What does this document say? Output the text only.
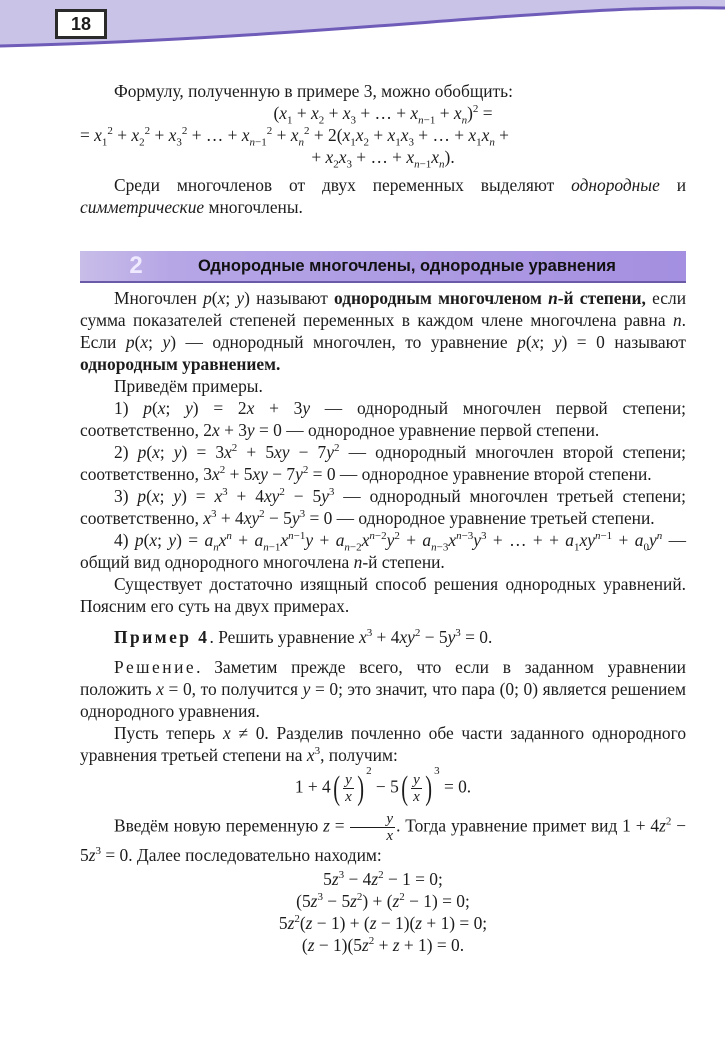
18

Формулу, полученную в примере 3, можно обобщить:

($x_1 + x_2 + x_3$ + … + $x_{n-1} + x_n)^2$ =

= $x_1^2 + x_2^2 + x_3^2$ + … + $x_{n-1}^2 + x_n^2 + 2(x_1x_2 + x_1x_3$ + … + $x_1x_n$ +

+ $x_2x_3$ + … + $x_{n-1}x_n$).

Среди многочленов от двух переменных выделяют однородные и симметрические многочлены.

2	Однородные многочлены, однородные уравнения

Многочлен p(x; y) называют однородным многочленом n-й степени, если сумма показателей степеней переменных в каждом члене многочлена равна n. Если p(x; y) — однородный многочлен, то уравнение p(x; y) = 0 называют однородным уравнением.

Приведём примеры.

1) p(x; y) = 2x + 3y — однородный многочлен первой степени; соответственно, 2x + 3y = 0 — однородное уравнение первой степени.

2) p(x; $y) = 3x^2 + 5xy - 7y^2$ — однородный многочлен второй степени; соответственно, $3x^2 + 5xy - 7y^2 = 0$ — однородное уравнение второй степени.

3) p(x; $y) = x^3 + 4xy^2 - 5y^3$ — однородный многочлен третьей степени; соответственно, $x^3 + 4xy^2 - 5y^3 = 0$ — однородное уравнение третьей степени.

4) p(x; $y) = a_nx^n + a_{n-1}x^{n-1}y + a_{n-2}x^{n-2}y^2 + a_{n-3}x^{n-3}y^3$ + … + + $a_1xy^{n-1} + a_0y^n$ — общий вид однородного многочлена n-й степени.

Существует достаточно изящный способ решения однородных уравнений. Поясним его суть на двух примерах.

Пример 4. Решить уравнение $x^3 + 4xy^2 - 5y^3 = 0$.

Решение. Заметим прежде всего, что если в заданном уравнении положить x = 0, то получится y = 0; это значит, что пара (0; 0) является решением однородного уравнения.

Пусть теперь x ≠ 0. Разделив почленно обе части заданного однородного уравнения третьей степени на $x^3$, получим:

$1 + 4( \frac{y}{x}$ ) $^2 - 5( \frac{y}{x}$ ) $^3$ = 0.

Введём новую переменную $z = \frac{y}{x}$ . Тогда уравнение примет вид $1 + 4z^2 - 5z^3 = 0$. Далее последовательно находим:

$5z^3 - 4z^2 - 1 = 0$;

$(5z^3 - 5z^2) + (z^2 - 1) = 0$;

$5z^2(z - 1) + (z - 1)(z + 1) = 0$;

$(z - 1)(5z^2 + z + 1) = 0$.
